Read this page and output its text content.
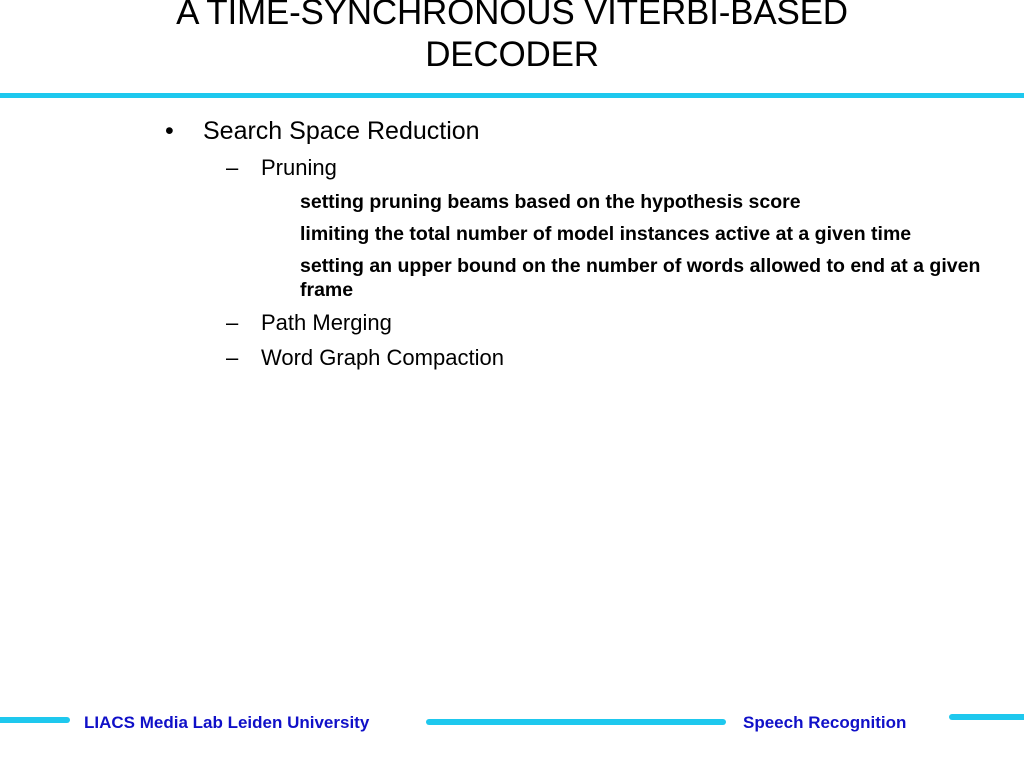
A TIME-SYNCHRONOUS VITERBI-BASED
DECODER
• Search Space Reduction
– Pruning
setting pruning beams based on the hypothesis score
limiting the total number of model instances active at a given time
setting an upper bound on the number of words allowed to end at a given frame
– Path Merging
– Word Graph Compaction
LIACS Media Lab Leiden University	Speech Recognition
